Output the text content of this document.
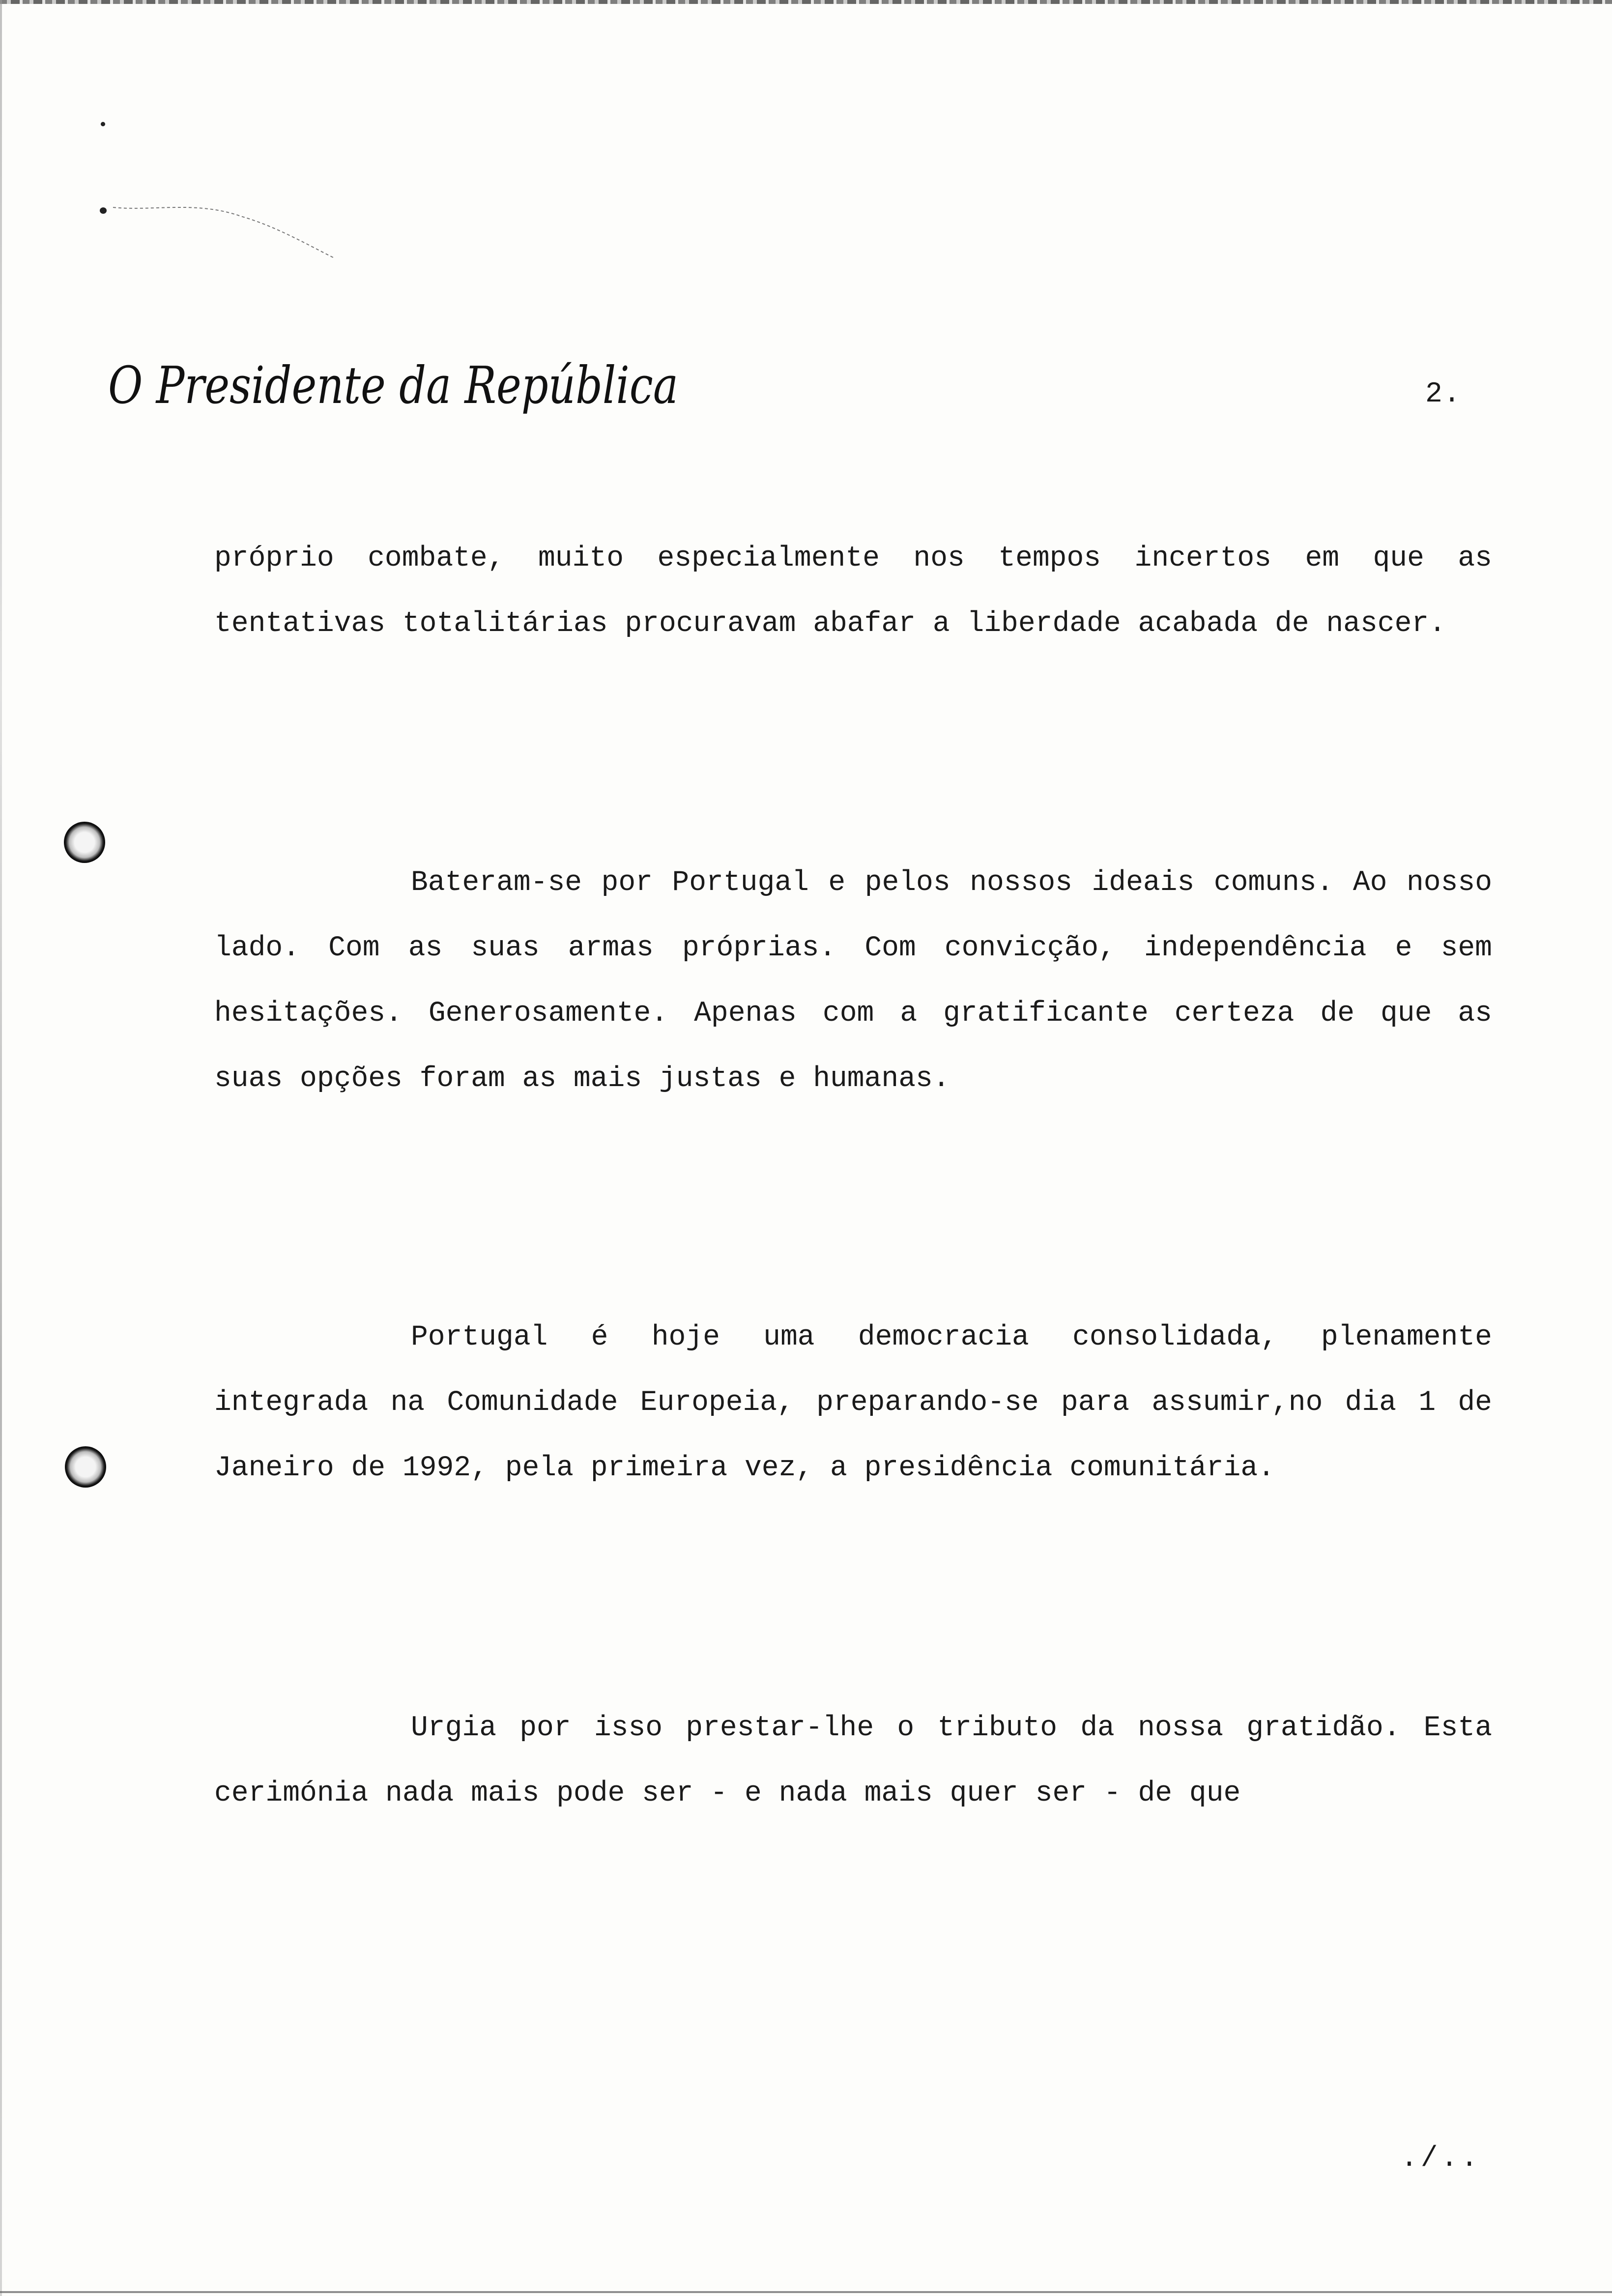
O Presidente da República	2.

próprio combate, muito especialmente nos tempos incertos em que as tentativas totalitárias procuravam abafar a liberdade acabada de nascer.

Bateram-se por Portugal e pelos nossos ideais comuns. Ao nosso lado. Com as suas armas próprias. Com convicção, independência e sem hesitações. Generosamente. Apenas com a gratificante certeza de que as suas opções foram as mais justas e humanas.

Portugal é hoje uma democracia consolidada, plenamente integrada na Comunidade Europeia, preparando-se para assumir,no dia 1 de Janeiro de 1992, pela primeira vez, a presidência comunitária.

Urgia por isso prestar-lhe o tributo da nossa gratidão. Esta cerimónia nada mais pode ser - e nada mais quer ser - de que

./..
